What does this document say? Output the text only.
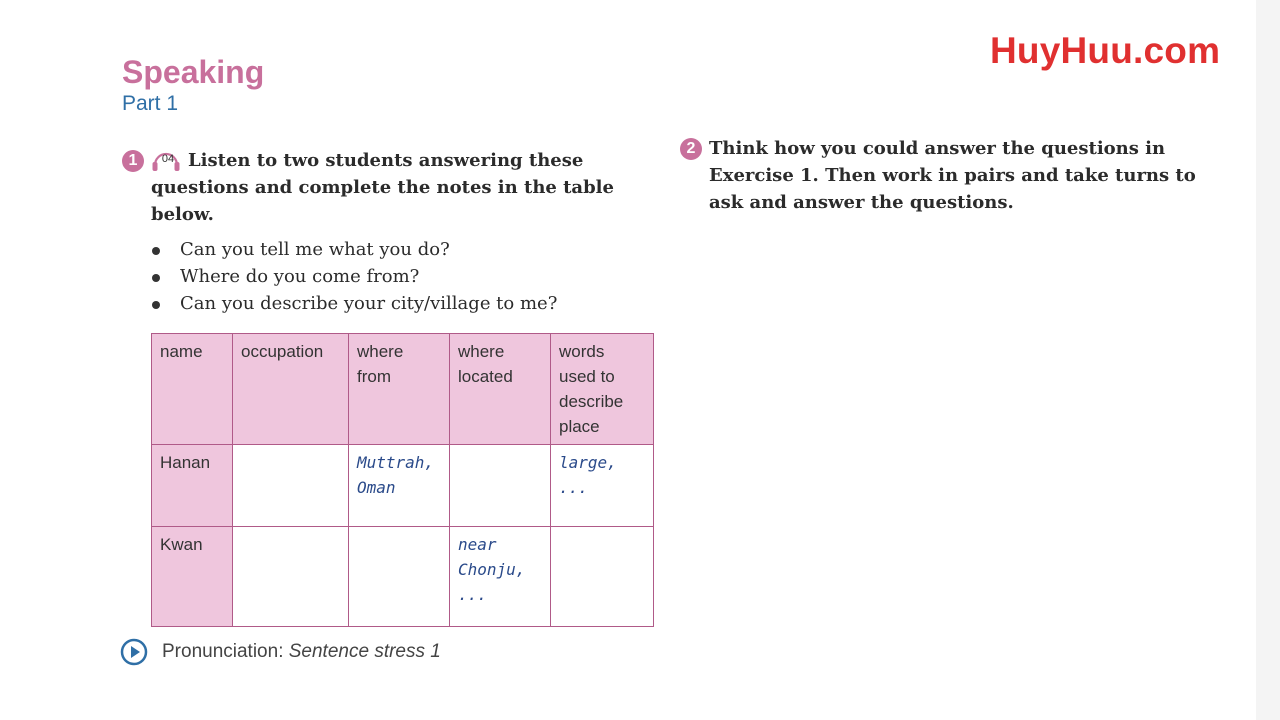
HuyHuu.com
Speaking
Part 1
1	04 Listen to two students answering these questions and complete the notes in the table below.
Can you tell me what you do?
Where do you come from?
Can you describe your city/village to me?
name	occupation	where from	where located	words used to describe place
Hanan		Muttrah, Oman		large, ...
Kwan			near Chonju, ...	
Pronunciation: Sentence stress 1
2 Think how you could answer the questions in Exercise 1. Then work in pairs and take turns to ask and answer the questions.
